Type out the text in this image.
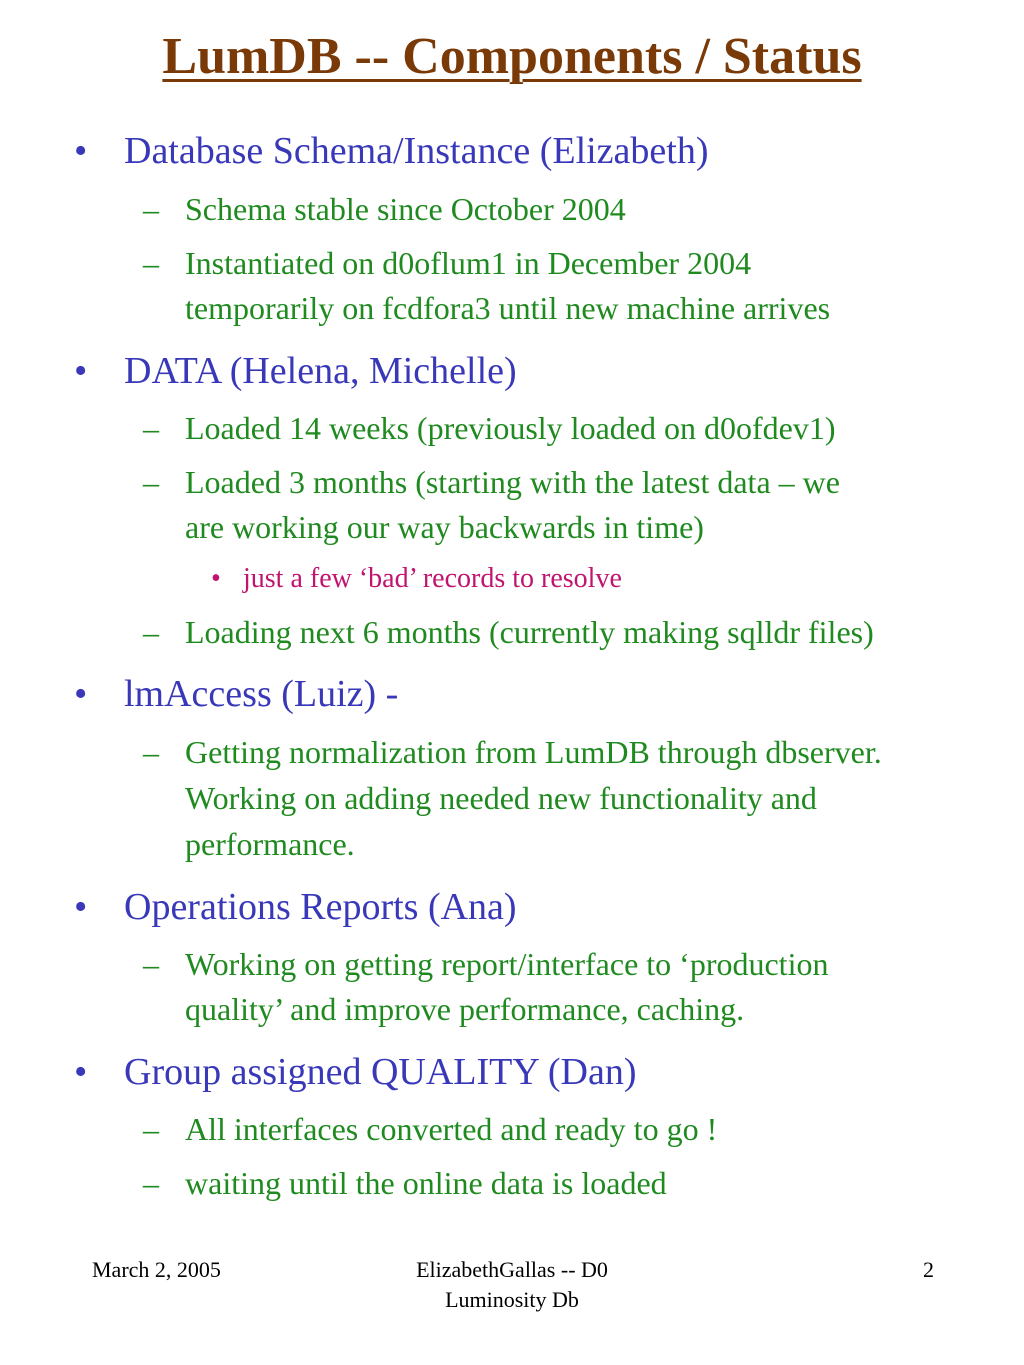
LumDB -- Components / Status
• Database Schema/Instance (Elizabeth)
– Schema stable since October 2004
– Instantiated on d0oflum1 in December 2004
temporarily on fcdfora3 until new machine arrives
• DATA (Helena, Michelle)
– Loaded 14 weeks (previously loaded on d0ofdev1)
– Loaded 3 months (starting with the latest data – we
are working our way backwards in time)
• just a few ‘bad’ records to resolve
– Loading next 6 months (currently making sqlldr files)
• lmAccess (Luiz) -
– Getting normalization from LumDB through dbserver.
Working on adding needed new functionality and
performance.
• Operations Reports (Ana)
– Working on getting report/interface to ‘production
quality’ and improve performance, caching.
• Group assigned QUALITY (Dan)
– All interfaces converted and ready to go !
– waiting until the online data is loaded
March 2, 2005	ElizabethGallas -- D0
Luminosity Db
2
